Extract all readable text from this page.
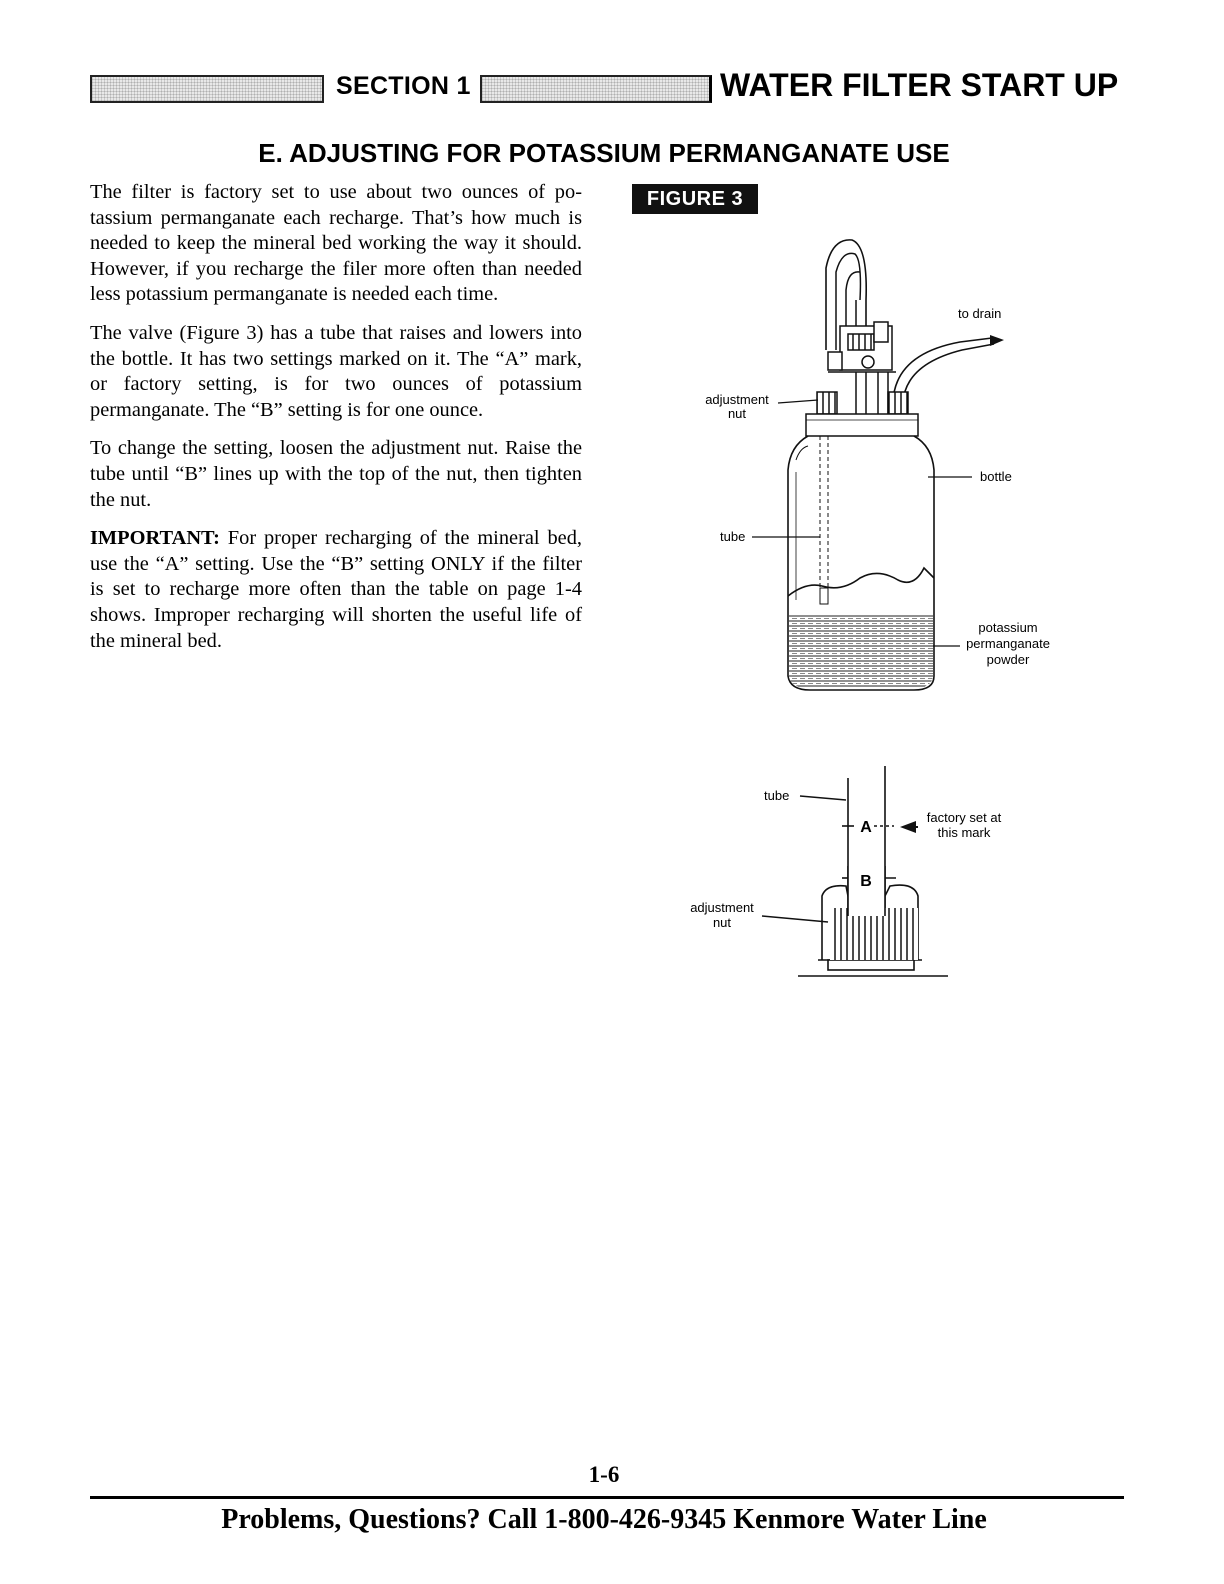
SECTION 1	WATER FILTER START UP
E. ADJUSTING FOR POTASSIUM PERMANGANATE USE

The filter is factory set to use about two ounces of potassium permanganate each recharge. That’s how much is needed to keep the mineral bed working the way it should. However, if you recharge the filer more often than needed less potassium permanganate is needed each time.

The valve (Figure 3) has a tube that raises and lowers into the bottle. It has two settings marked on it. The “A” mark, or factory setting, is for two ounces of potassium permanganate. The “B” setting is for one ounce.

To change the setting, loosen the adjustment nut. Raise the tube until “B” lines up with the top of the nut, then tighten the nut.

IMPORTANT: For proper recharging of the mineral bed, use the “A” setting. Use the “B” setting ONLY if the filter is set to recharge more often than the table on page 1-4 shows. Improper recharging will shorten the useful life of the mineral bed.

FIGURE 3
to drain
adjustment
nut
bottle
tube
potassium
permanganate
powder
tube
A
B
factory set at
this mark
adjustment
nut
1-6
Problems, Questions? Call 1-800-426-9345 Kenmore Water Line
